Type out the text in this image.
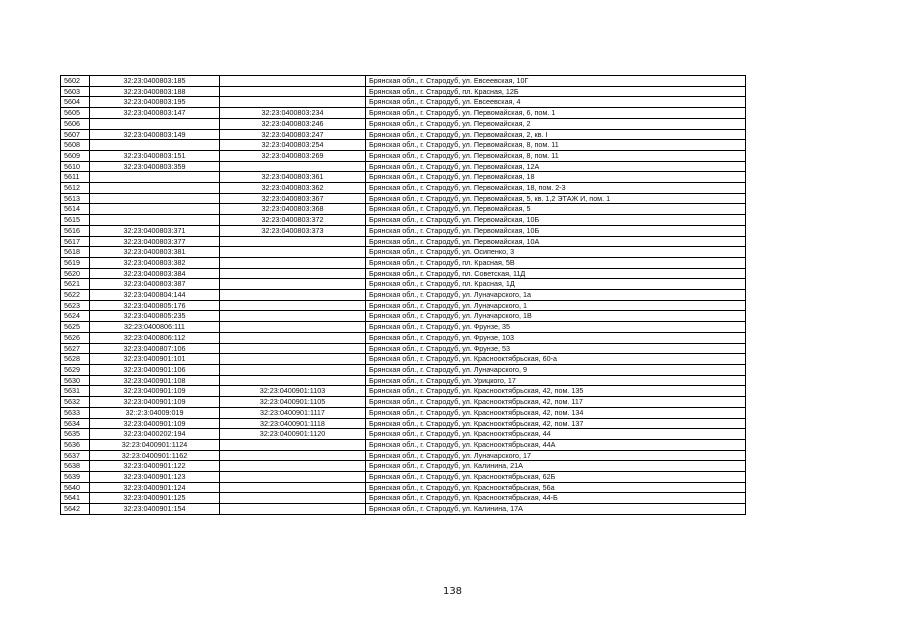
5602	32:23:0400803:185		Брянская обл., г. Стародуб, ул. Евсеевская, 10Г
5603	32:23:0400803:188		Брянская обл., г. Стародуб, пл. Красная, 12Б
5604	32:23:0400803:195		Брянская обл., г. Стародуб, ул. Евсеевская, 4
5605	32:23:0400803:147	32:23:0400803:234	Брянская обл., г. Стародуб, ул. Первомайская, 6, пом. 1
5606		32:23:0400803:246	Брянская обл., г. Стародуб, ул. Первомайская, 2
5607	32:23:0400803:149	32:23:0400803:247	Брянская обл., г. Стародуб, ул. Первомайская, 2, кв. I
5608		32:23:0400803:254	Брянская обл., г. Стародуб, ул. Первомайская, 8, пом. 11
5609	32:23:0400803:151	32:23:0400803:269	Брянская обл., г. Стародуб, ул. Первомайская, 8, пом. 11
5610	32:23:0400803:359		Брянская обл., г. Стародуб, ул. Первомайская, 12А
5611		32:23:0400803:361	Брянская обл., г. Стародуб, ул. Первомайская, 18
5612		32:23:0400803:362	Брянская обл., г. Стародуб, ул. Первомайская, 18, пом. 2-3
5613		32:23:0400803:367	Брянская обл., г. Стародуб, ул. Первомайская, 5, кв. 1,2 ЭТАЖ И, пом. 1
5614		32:23:0400803:368	Брянская обл., г. Стародуб, ул. Первомайская, 5
5615		32:23:0400803:372	Брянская обл., г. Стародуб, ул. Первомайская, 10Б
5616	32:23:0400803:371	32:23:0400803:373	Брянская обл., г. Стародуб, ул. Первомайская, 10Б
5617	32:23:0400803:377		Брянская обл., г. Стародуб, ул. Первомайская, 10А
5618	32:23:0400803:381		Брянская обл., г. Стародуб, ул. Осипенко, 3
5619	32:23:0400803:382		Брянская обл., г. Стародуб, пл. Красная, 5В
5620	32:23:0400803:384		Брянская обл., г. Стародуб, пл. Советская, 11Д
5621	32:23:0400803:387		Брянская обл., г. Стародуб, пл. Красная, 1Д
5622	32:23:0400804:144		Брянская обл., г. Стародуб, ул. Луначарского, 1а
5623	32:23:0400805:176		Брянская обл., г. Стародуб, ул. Луначарского, 1
5624	32:23:0400805:235		Брянская обл., г. Стародуб, ул. Луначарского, 1В
5625	32:23:0400806:111		Брянская обл., г. Стародуб, ул. Фрунзе, 35
5626	32:23:0400806:112		Брянская обл., г. Стародуб, ул. Фрунзе, 103
5627	32:23:0400807:106		Брянская обл., г. Стародуб, ул. Фрунзе, 53
5628	32:23:0400901:101		Брянская обл., г. Стародуб, ул. Краснооктябрьская, 60-а
5629	32:23:0400901:106		Брянская обл., г. Стародуб, ул. Луначарского, 9
5630	32:23:0400901:108		Брянская обл., г. Стародуб, ул. Урицкого, 17
5631	32:23:0400901:109	32:23:0400901:1103	Брянская обл., г. Стародуб, ул. Краснооктябрьская, 42, пом. 135
5632	32:23:0400901:109	32:23:0400901:1105	Брянская обл., г. Стародуб, ул. Краснооктябрьская, 42, пом. 117
5633	32::2:3:04009:019	32:23:0400901:1117	Брянская обл., г. Стародуб, ул. Краснооктябрьская, 42, пом. 134
5634	32:23:0400901:109	32:23:0400901:1118	Брянская обл., г. Стародуб, ул. Краснооктябрьская, 42, пом. 137
5635	32:23:0400202:194	32:23:0400901:1120	Брянская обл., г. Стародуб, ул. Краснооктябрьская, 44
5636	32:23:0400901:1124		Брянская обл., г. Стародуб, ул. Краснооктябрьская, 44А
5637	32:23:0400901:1162		Брянская обл., г. Стародуб, ул. Луначарского, 17
5638	32:23:0400901:122		Брянская обл., г. Стародуб, ул. Калинина, 21А
5639	32:23:0400901:123		Брянская обл., г. Стародуб, ул. Краснооктябрьская, 62Б
5640	32:23:0400901:124		Брянская обл., г. Стародуб, ул. Краснооктябрьская, 56а
5641	32:23:0400901:125		Брянская обл., г. Стародуб, ул. Краснооктябрьская, 44-Б
5642	32:23:0400901:154		Брянская обл., г. Стародуб, ул. Калинина, 17А
138
